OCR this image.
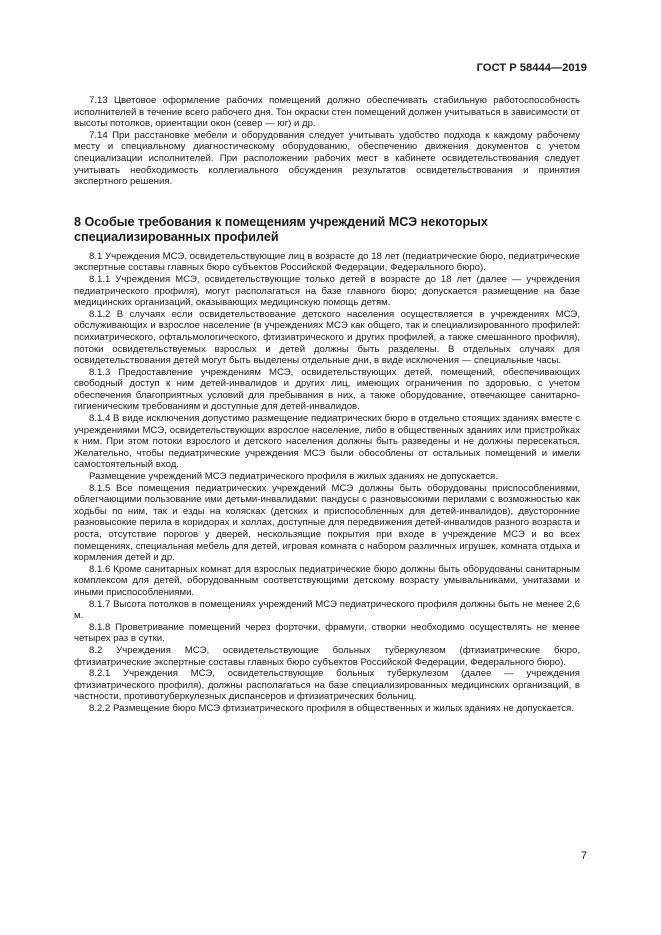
ГОСТ Р 58444—2019

7.13 Цветовое оформление рабочих помещений должно обеспечивать стабильную работоспособность исполнителей в течение всего рабочего дня. Тон окраски стен помещений должен учитываться в зависимости от высоты потолков, ориентации окон (север — юг) и др.

7.14 При расстановке мебели и оборудования следует учитывать удобство подхода к каждому рабочему месту и специальному диагностическому оборудованию, обеспечению движения документов с учетом специализации исполнителей. При расположении рабочих мест в кабинете освидетельствования следует учитывать необходимость коллегиального обсуждения результатов освидетельствования и принятия экспертного решения.

8 Особые требования к помещениям учреждений МСЭ некоторых специализированных профилей

8.1 Учреждения МСЭ, освидетельствующие лиц в возрасте до 18 лет (педиатрические бюро, педиатрические экспертные составы главных бюро субъектов Российской Федерации, Федерального бюро).

8.1.1 Учреждения МСЭ, освидетельствующие только детей в возрасте до 18 лет (далее — учреждения педиатрического профиля), могут располагаться на базе главного бюро; допускается размещение на базе медицинских организаций, оказывающих медицинскую помощь детям.

8.1.2 В случаях если освидетельствование детского населения осуществляется в учреждениях МСЭ, обслуживающих и взрослое население (в учреждениях МСЭ как общего, так и специализированного профилей: психиатрического, офтальмологического, фтизиатрического и других профилей, а также смешанного профиля), потоки освидетельствуемых взрослых и детей должны быть разделены. В отдельных случаях для освидетельствования детей могут быть выделены отдельные дни, в виде исключения — специальные часы.

8.1.3 Предоставление учреждениям МСЭ, освидетельствующих детей, помещений, обеспечивающих свободный доступ к ним детей-инвалидов и других лиц, имеющих ограничения по здоровью, с учетом обеспечения благоприятных условий для пребывания в них, а также оборудование, отвечающее санитарно-гигиеническим требованиям и доступные для детей-инвалидов.

8.1.4 В виде исключения допустимо размещение педиатрических бюро в отдельно стоящих зданиях вместе с учреждениями МСЭ, освидетельствующих взрослое население, либо в общественных зданиях или пристройках к ним. При этом потоки взрослого и детского населения должны быть разведены и не должны пересекаться. Желательно, чтобы педиатрические учреждения МСЭ были обособлены от остальных помещений и имели самостоятельный вход.

Размещение учреждений МСЭ педиатрического профиля в жилых зданиях не допускается.

8.1.5 Все помещения педиатрических учреждений МСЭ должны быть оборудованы приспособлениями, облегчающими пользование ими детьми-инвалидами: пандусы с разновысокими перилами с возможностью как ходьбы по ним, так и езды на колясках (детских и приспособленных для детей-инвалидов), двусторонние разновысокие перила в коридорах и холлах, доступные для передвижения детей-инвалидов разного возраста и роста, отсутствие порогов у дверей, нескользящие покрытия при входе в учреждение МСЭ и во всех помещениях, специальная мебель для детей, игровая комната с набором различных игрушек, комната отдыха и кормления детей и др.

8.1.6 Кроме санитарных комнат для взрослых педиатрические бюро должны быть оборудованы санитарным комплексом для детей, оборудованным соответствующими детскому возрасту умывальниками, унитазами и иными приспособлениями.

8.1.7 Высота потолков в помещениях учреждений МСЭ педиатрического профиля должны быть не менее 2,6 м.

8.1.8 Проветривание помещений через форточки, фрамуги, створки необходимо осуществлять не менее четырех раз в сутки.

8.2 Учреждения МСЭ, освидетельствующие больных туберкулезом (фтизиатрические бюро, фтизиатрические экспертные составы главных бюро субъектов Российской Федерации, Федерального бюро).

8.2.1 Учреждения МСЭ, освидетельствующие больных туберкулезом (далее — учреждения фтизиатрического профиля), должны располагаться на базе специализированных медицинских организаций, в частности, противотуберкулезных диспансеров и фтизиатрических больниц.

8.2.2 Размещение бюро МСЭ фтизиатрического профиля в общественных и жилых зданиях не допускается.

7
